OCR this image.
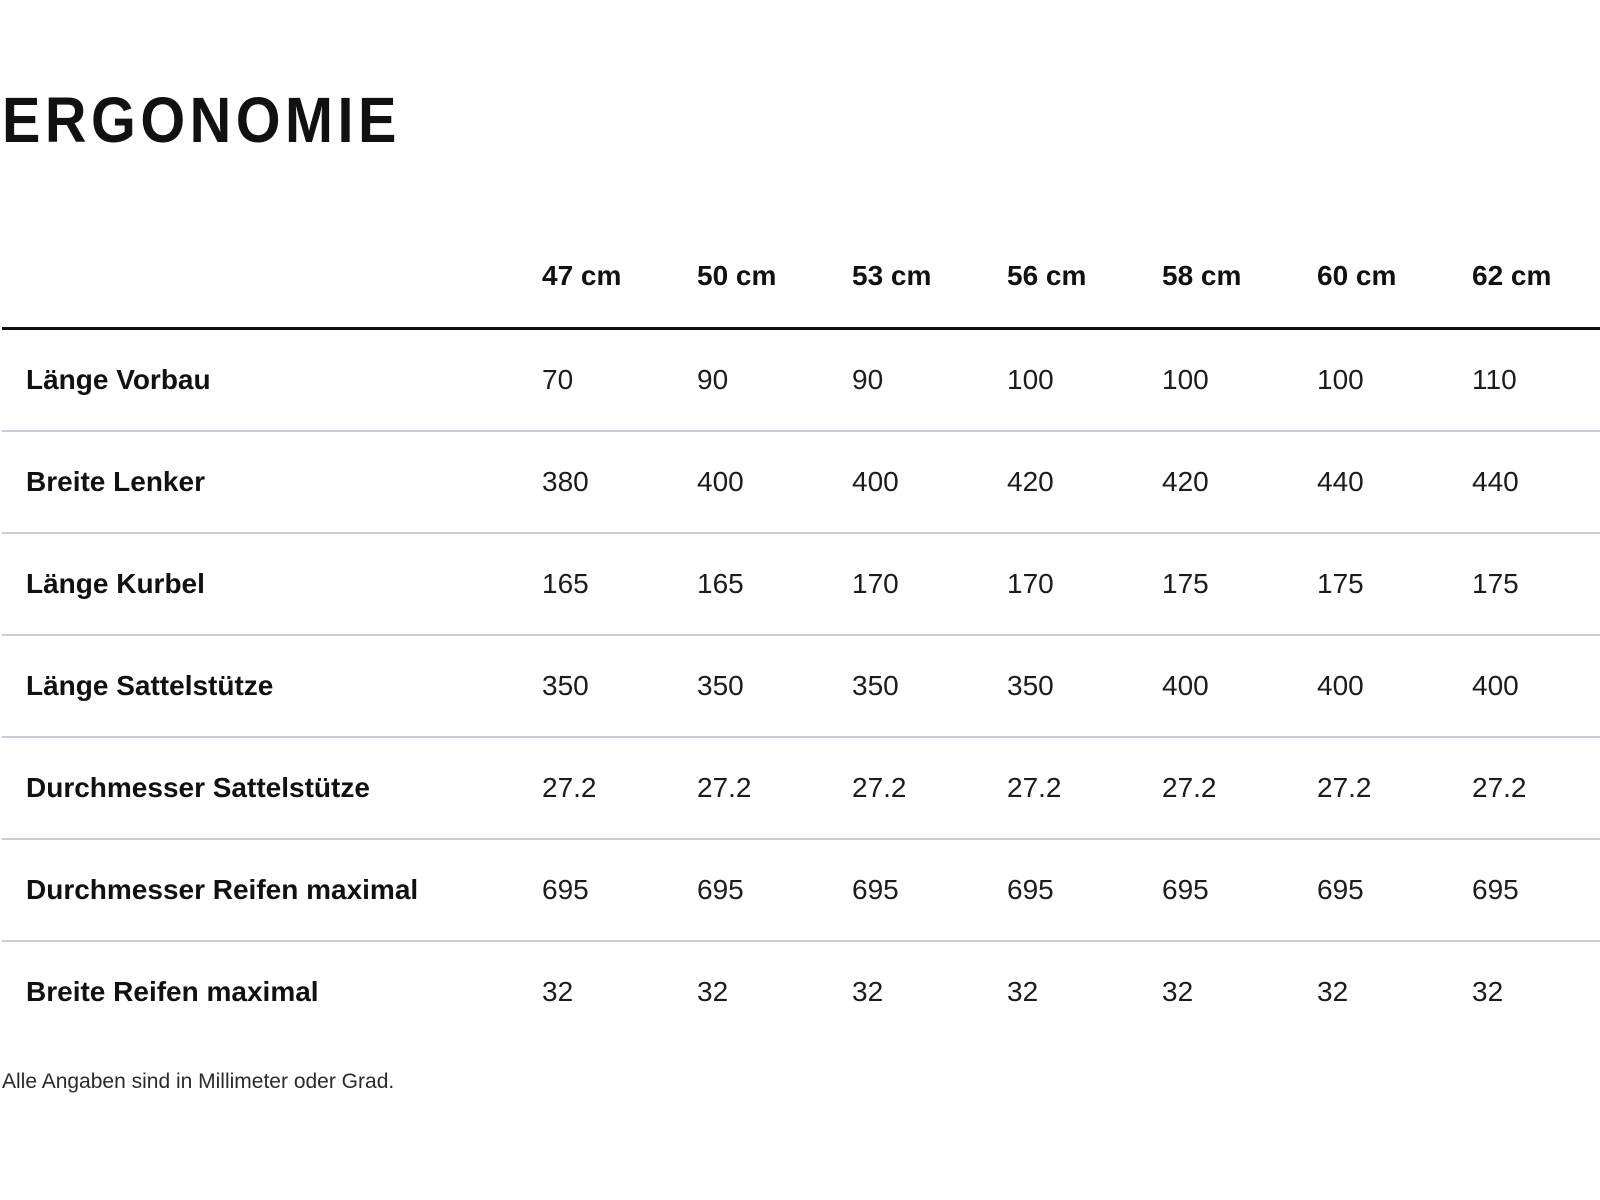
ERGONOMIE
	47 cm	50 cm	53 cm	56 cm	58 cm	60 cm	62 cm
Länge Vorbau	70	90	90	100	100	100	110
Breite Lenker	380	400	400	420	420	440	440
Länge Kurbel	165	165	170	170	175	175	175
Länge Sattelstütze	350	350	350	350	400	400	400
Durchmesser Sattelstütze	27.2	27.2	27.2	27.2	27.2	27.2	27.2
Durchmesser Reifen maximal	695	695	695	695	695	695	695
Breite Reifen maximal	32	32	32	32	32	32	32

Alle Angaben sind in Millimeter oder Grad.
